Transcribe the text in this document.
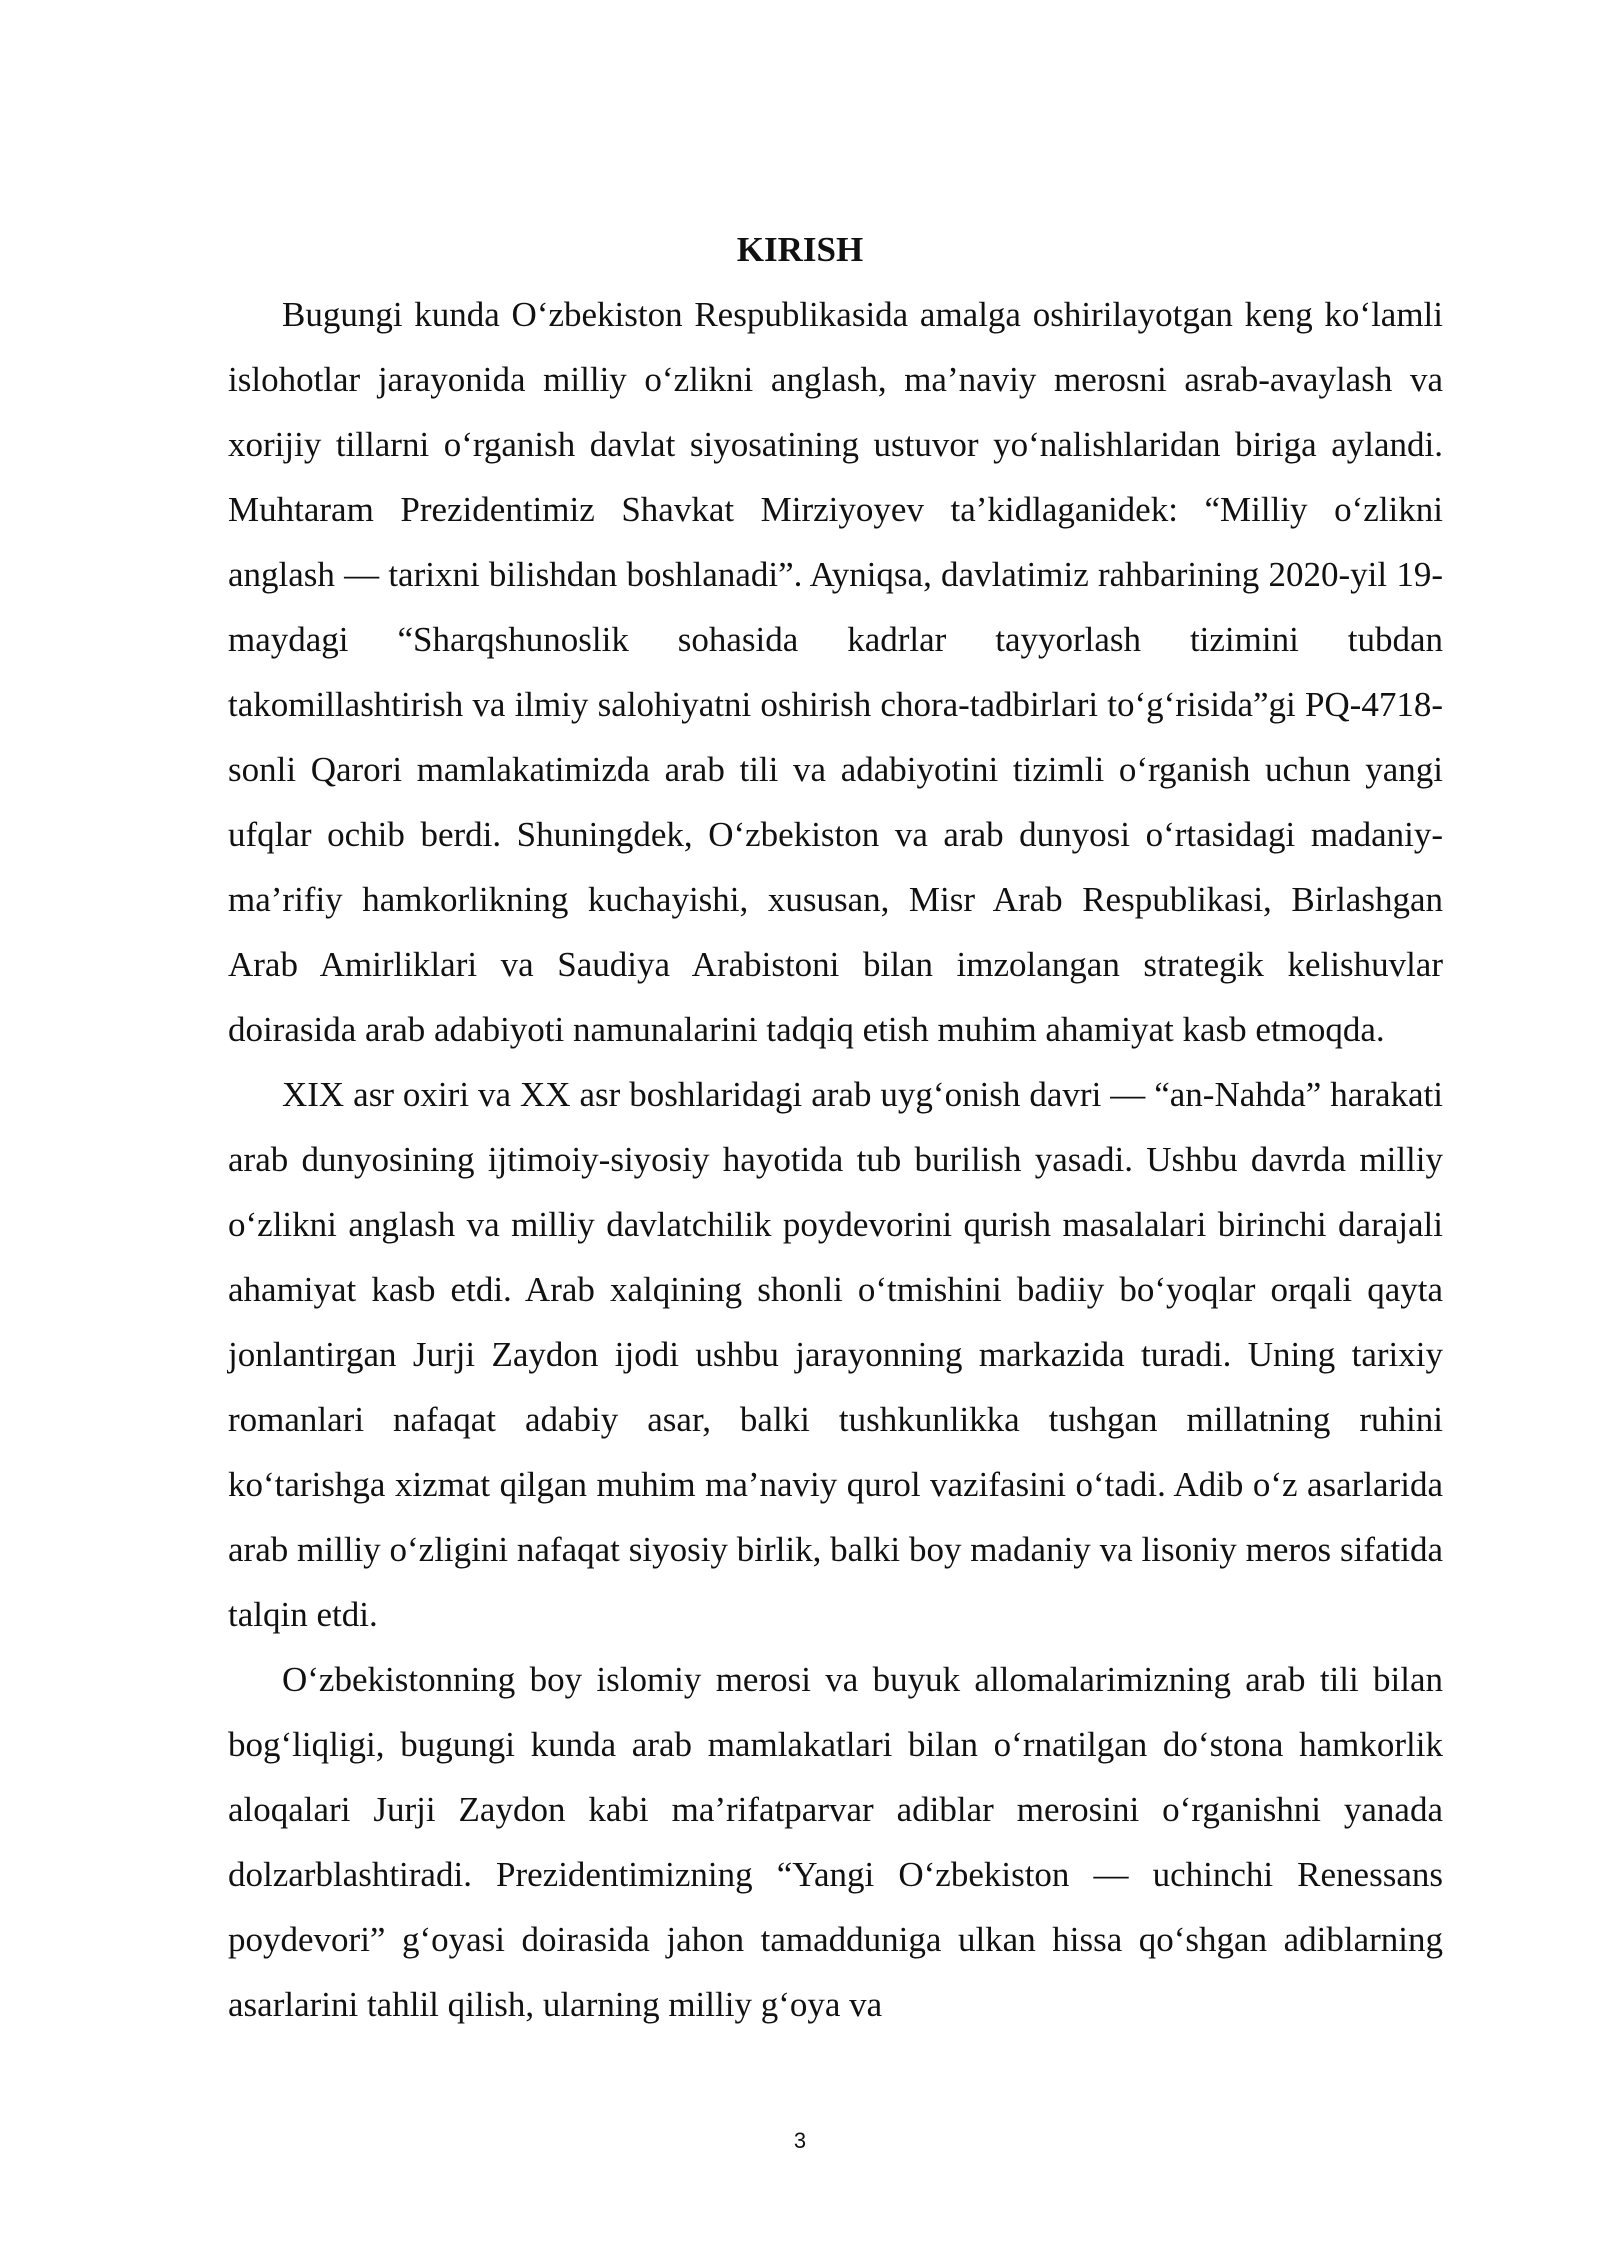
KIRISH

Bugungi kunda O‘zbekiston Respublikasida amalga oshirilayotgan keng ko‘lamli islohotlar jarayonida milliy o‘zlikni anglash, ma’naviy merosni asrab-avaylash va xorijiy tillarni o‘rganish davlat siyosatining ustuvor yo‘nalishlaridan biriga aylandi. Muhtaram Prezidentimiz Shavkat Mirziyoyev ta’kidlaganidek: “Milliy o‘zlikni anglash — tarixni bilishdan boshlanadi”. Ayniqsa, davlatimiz rahbarining 2020-yil 19-maydagi “Sharqshunoslik sohasida kadrlar tayyorlash tizimini tubdan takomillashtirish va ilmiy salohiyatni oshirish chora-tadbirlari to‘g‘risida”gi PQ-4718-sonli Qarori mamlakatimizda arab tili va adabiyotini tizimli o‘rganish uchun yangi ufqlar ochib berdi. Shuningdek, O‘zbekiston va arab dunyosi o‘rtasidagi madaniy-ma’rifiy hamkorlikning kuchayishi, xususan, Misr Arab Respublikasi, Birlashgan Arab Amirliklari va Saudiya Arabistoni bilan imzolangan strategik kelishuvlar doirasida arab adabiyoti namunalarini tadqiq etish muhim ahamiyat kasb etmoqda.

XIX asr oxiri va XX asr boshlaridagi arab uyg‘onish davri — “an-Nahda” harakati arab dunyosining ijtimoiy-siyosiy hayotida tub burilish yasadi. Ushbu davrda milliy o‘zlikni anglash va milliy davlatchilik poydevorini qurish masalalari birinchi darajali ahamiyat kasb etdi. Arab xalqining shonli o‘tmishini badiiy bo‘yoqlar orqali qayta jonlantirgan Jurji Zaydon ijodi ushbu jarayonning markazida turadi. Uning tarixiy romanlari nafaqat adabiy asar, balki tushkunlikka tushgan millatning ruhini ko‘tarishga xizmat qilgan muhim ma’naviy qurol vazifasini o‘tadi. Adib o‘z asarlarida arab milliy o‘zligini nafaqat siyosiy birlik, balki boy madaniy va lisoniy meros sifatida talqin etdi.

O‘zbekistonning boy islomiy merosi va buyuk allomalarimizning arab tili bilan bog‘liqligi, bugungi kunda arab mamlakatlari bilan o‘rnatilgan do‘stona hamkorlik aloqalari Jurji Zaydon kabi ma’rifatparvar adiblar merosini o‘rganishni yanada dolzarblashtiradi. Prezidentimizning “Yangi O‘zbekiston — uchinchi Renessans poydevori” g‘oyasi doirasida jahon tamadduniga ulkan hissa qo‘shgan adiblarning asarlarini tahlil qilish, ularning milliy g‘oya va

3
